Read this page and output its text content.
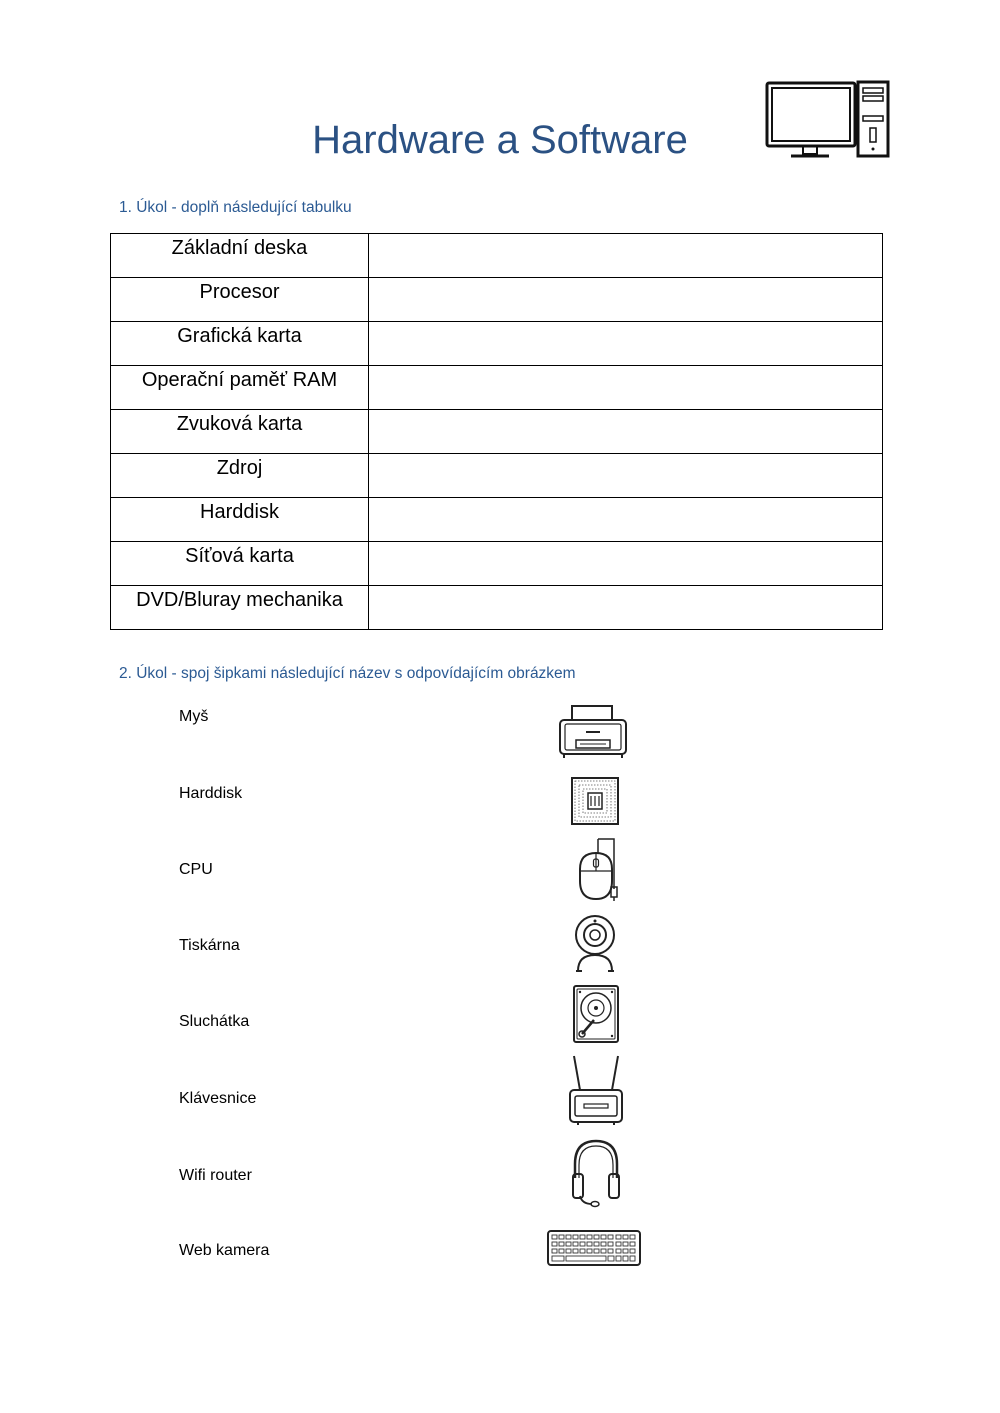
Hardware a Software

1. Úkol - doplň následující tabulku

Základní deska	
Procesor	
Grafická karta	
Operační paměť RAM	
Zvuková karta	
Zdroj	
Harddisk	
Síťová karta	
DVD/Bluray mechanika	

2. Úkol - spoj šipkami následující název s odpovídajícím obrázkem

Myš

Harddisk

CPU

Tiskárna

Sluchátka

Klávesnice

Wifi router

Web kamera
